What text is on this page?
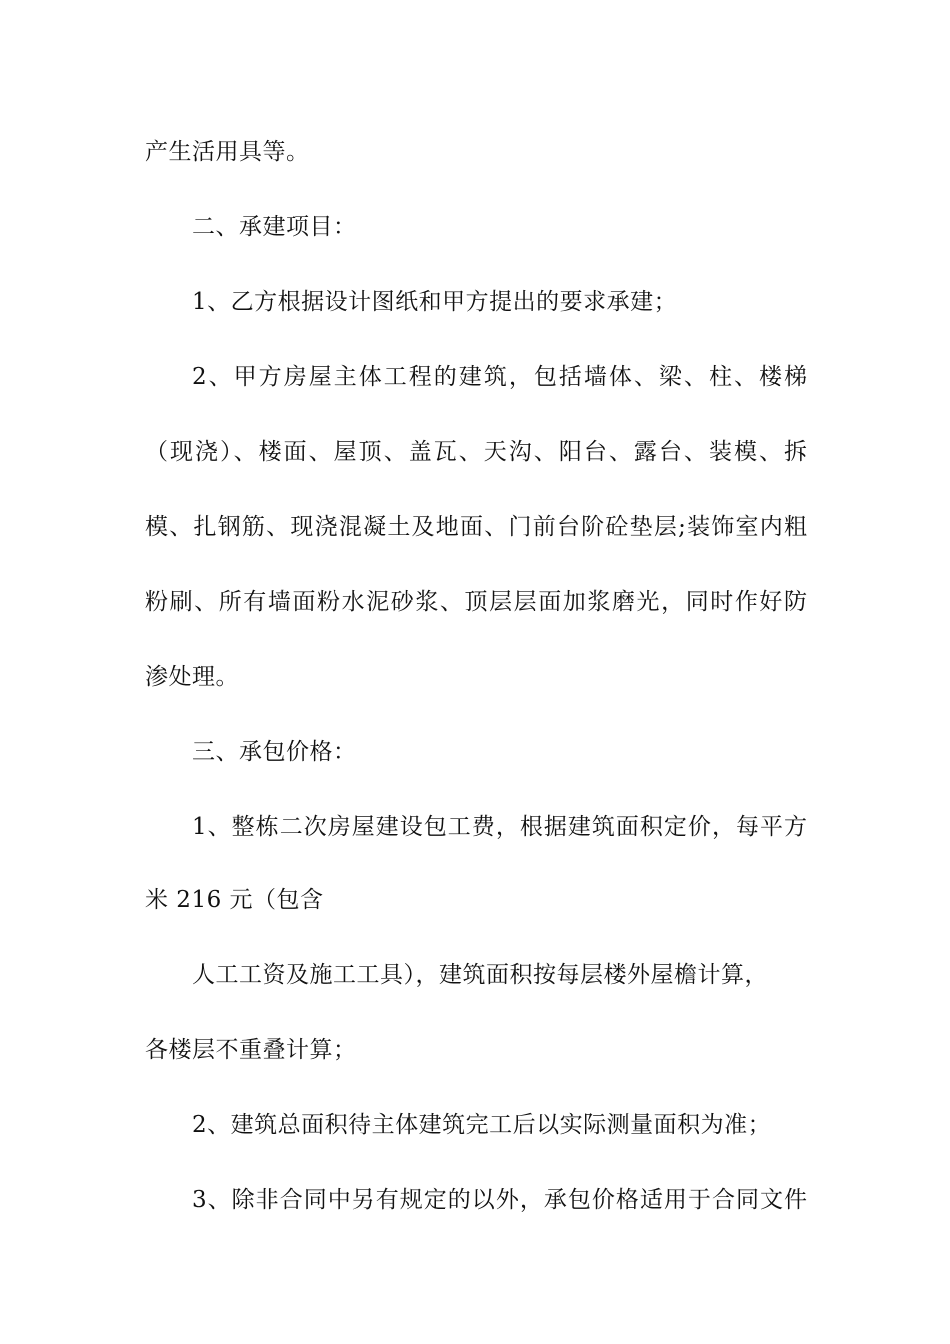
产生活用具等。
二、承建项目：
1、乙方根据设计图纸和甲方提出的要求承建；
2、甲方房屋主体工程的建筑，包括墙体、梁、柱、楼梯
（现浇）、楼面、屋顶、盖瓦、天沟、阳台、露台、装模、拆
模、扎钢筋、现浇混凝土及地面、门前台阶砼垫层;装饰室内粗
粉刷、所有墙面粉水泥砂浆、顶层层面加浆磨光，同时作好防
渗处理。
三、承包价格：
1、整栋二次房屋建设包工费，根据建筑面积定价，每平方
米 216 元（包含
人工工资及施工工具），建筑面积按每层楼外屋檐计算，
各楼层不重叠计算；
2、建筑总面积待主体建筑完工后以实际测量面积为准；
3、除非合同中另有规定的以外，承包价格适用于合同文件
